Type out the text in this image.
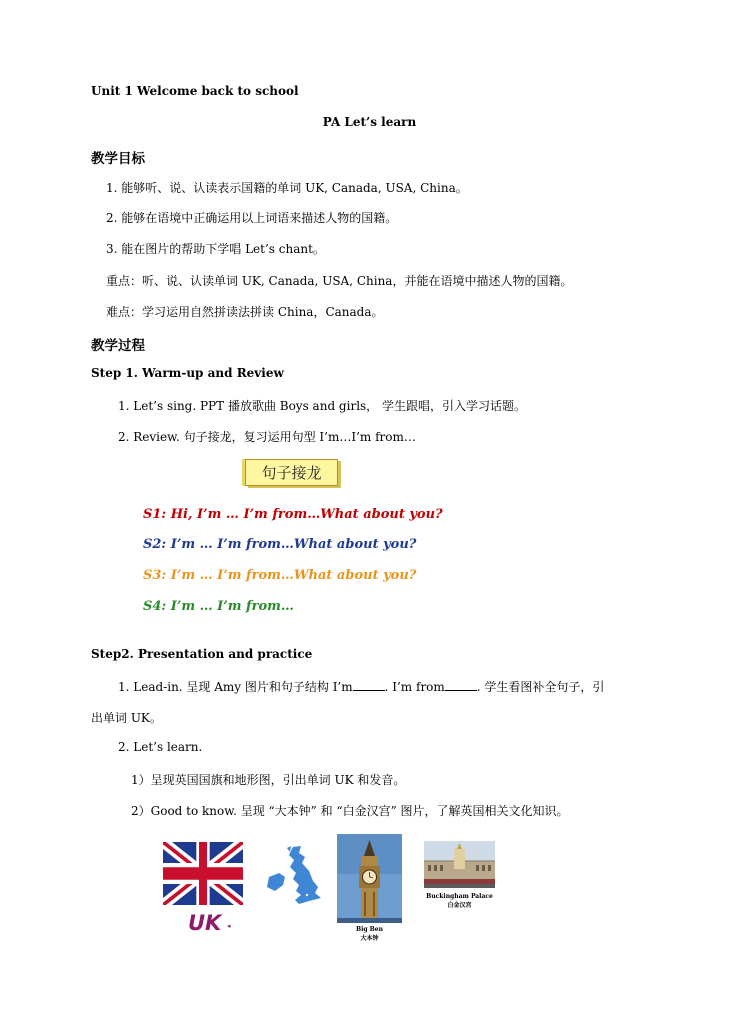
Unit 1 Welcome back to school
PA Let’s learn
教学目标
1. 能够听、说、认读表示国籍的单词 UK, Canada, USA, China。
2. 能够在语境中正确运用以上词语来描述人物的国籍。
3. 能在图片的帮助下学唱 Let’s chant。
重点：听、说、认读单词 UK, Canada, USA, China，并能在语境中描述人物的国籍。
难点：学习运用自然拼读法拼读 China，Canada。
教学过程
Step 1. Warm-up and Review
1. Let’s sing. PPT 播放歌曲 Boys and girls， 学生跟唱，引入学习话题。
2. Review. 句子接龙，复习运用句型 I’m…I’m from…
句子接龙
S1: Hi, I’m … I’m from…What about you?
S2: I’m … I’m from…What about you?
S3: I’m … I’m from…What about you?
S4: I’m … I’m from…
Step2. Presentation and practice
1. Lead-in. 呈现 Amy 图片和句子结构 I’m	. I’m from	. 学生看图补全句子，引
出单词 UK。
2. Let’s learn.
1）呈现英国国旗和地形图，引出单词 UK 和发音。
2）Good to know. 呈现 “大本钟” 和 “白金汉宫” 图片，了解英国相关文化知识。
UK ◂	Big Ben
大本钟
Buckingham Palace
白金汉宫
